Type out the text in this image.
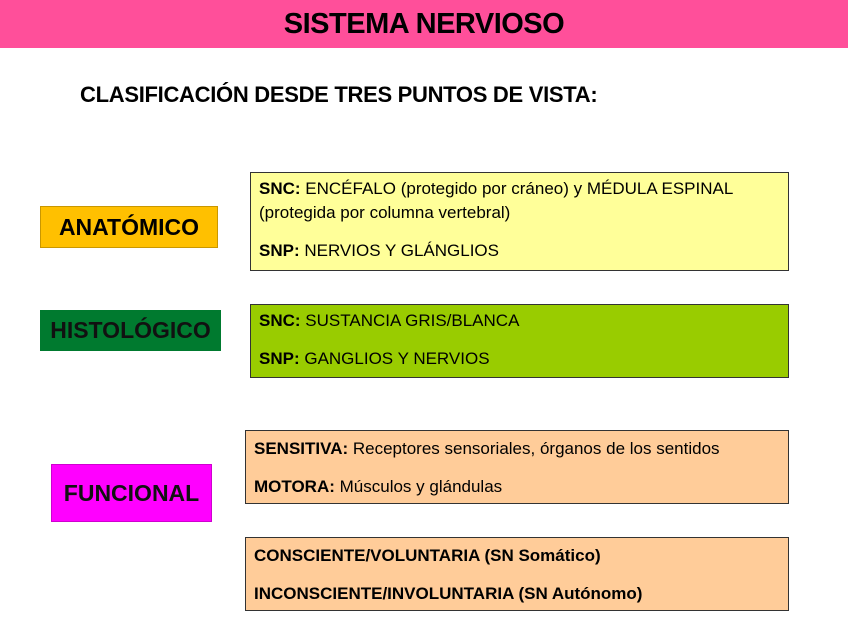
SISTEMA NERVIOSO
CLASIFICACIÓN DESDE TRES PUNTOS DE VISTA:
ANATÓMICO

SNC: ENCÉFALO (protegido por cráneo) y MÉDULA ESPINAL (protegida por columna vertebral)

SNP: NERVIOS Y GLÁNGLIOS

HISTOLÓGICO	SNC: SUSTANCIA GRIS/BLANCA

SNP: GANGLIOS Y NERVIOS

FUNCIONAL

SENSITIVA: Receptores sensoriales, órganos de los sentidos

MOTORA: Músculos y glándulas

CONSCIENTE/VOLUNTARIA (SN Somático)

INCONSCIENTE/INVOLUNTARIA (SN Autónomo)
